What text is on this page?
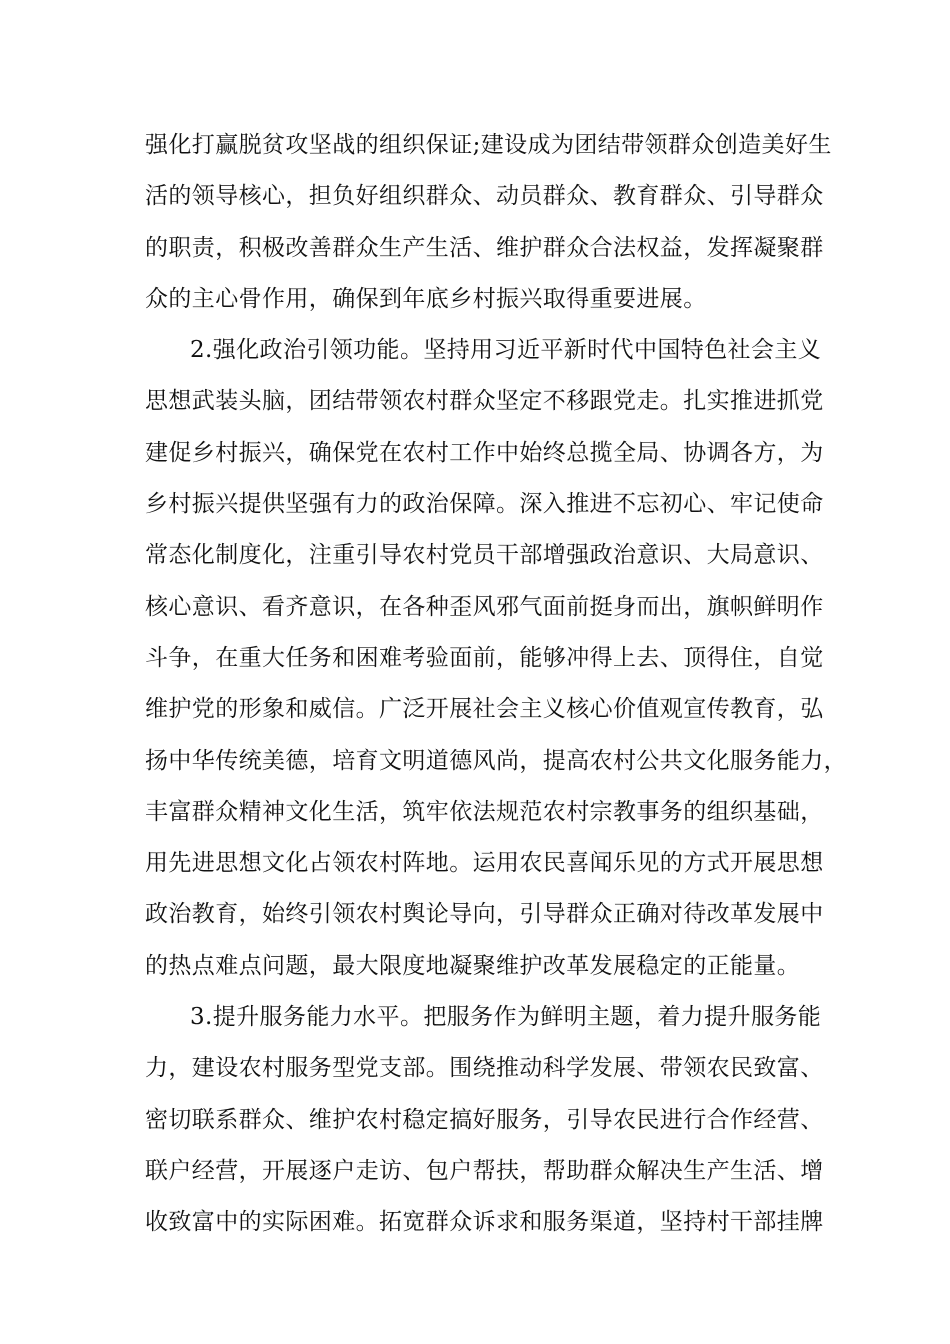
强化打赢脱贫攻坚战的组织保证;建设成为团结带领群众创造美好生
活的领导核心，担负好组织群众、动员群众、教育群众、引导群众
的职责，积极改善群众生产生活、维护群众合法权益，发挥凝聚群
众的主心骨作用，确保到年底乡村振兴取得重要进展。
2.强化政治引领功能。坚持用习近平新时代中国特色社会主义
思想武装头脑，团结带领农村群众坚定不移跟党走。扎实推进抓党
建促乡村振兴，确保党在农村工作中始终总揽全局、协调各方，为
乡村振兴提供坚强有力的政治保障。深入推进不忘初心、牢记使命
常态化制度化，注重引导农村党员干部增强政治意识、大局意识、
核心意识、看齐意识，在各种歪风邪气面前挺身而出，旗帜鲜明作
斗争，在重大任务和困难考验面前，能够冲得上去、顶得住，自觉
维护党的形象和威信。广泛开展社会主义核心价值观宣传教育，弘
扬中华传统美德，培育文明道德风尚，提高农村公共文化服务能力，
丰富群众精神文化生活，筑牢依法规范农村宗教事务的组织基础，
用先进思想文化占领农村阵地。运用农民喜闻乐见的方式开展思想
政治教育，始终引领农村舆论导向，引导群众正确对待改革发展中
的热点难点问题，最大限度地凝聚维护改革发展稳定的正能量。
3.提升服务能力水平。把服务作为鲜明主题，着力提升服务能
力，建设农村服务型党支部。围绕推动科学发展、带领农民致富、
密切联系群众、维护农村稳定搞好服务，引导农民进行合作经营、
联户经营，开展逐户走访、包户帮扶，帮助群众解决生产生活、增
收致富中的实际困难。拓宽群众诉求和服务渠道，坚持村干部挂牌
